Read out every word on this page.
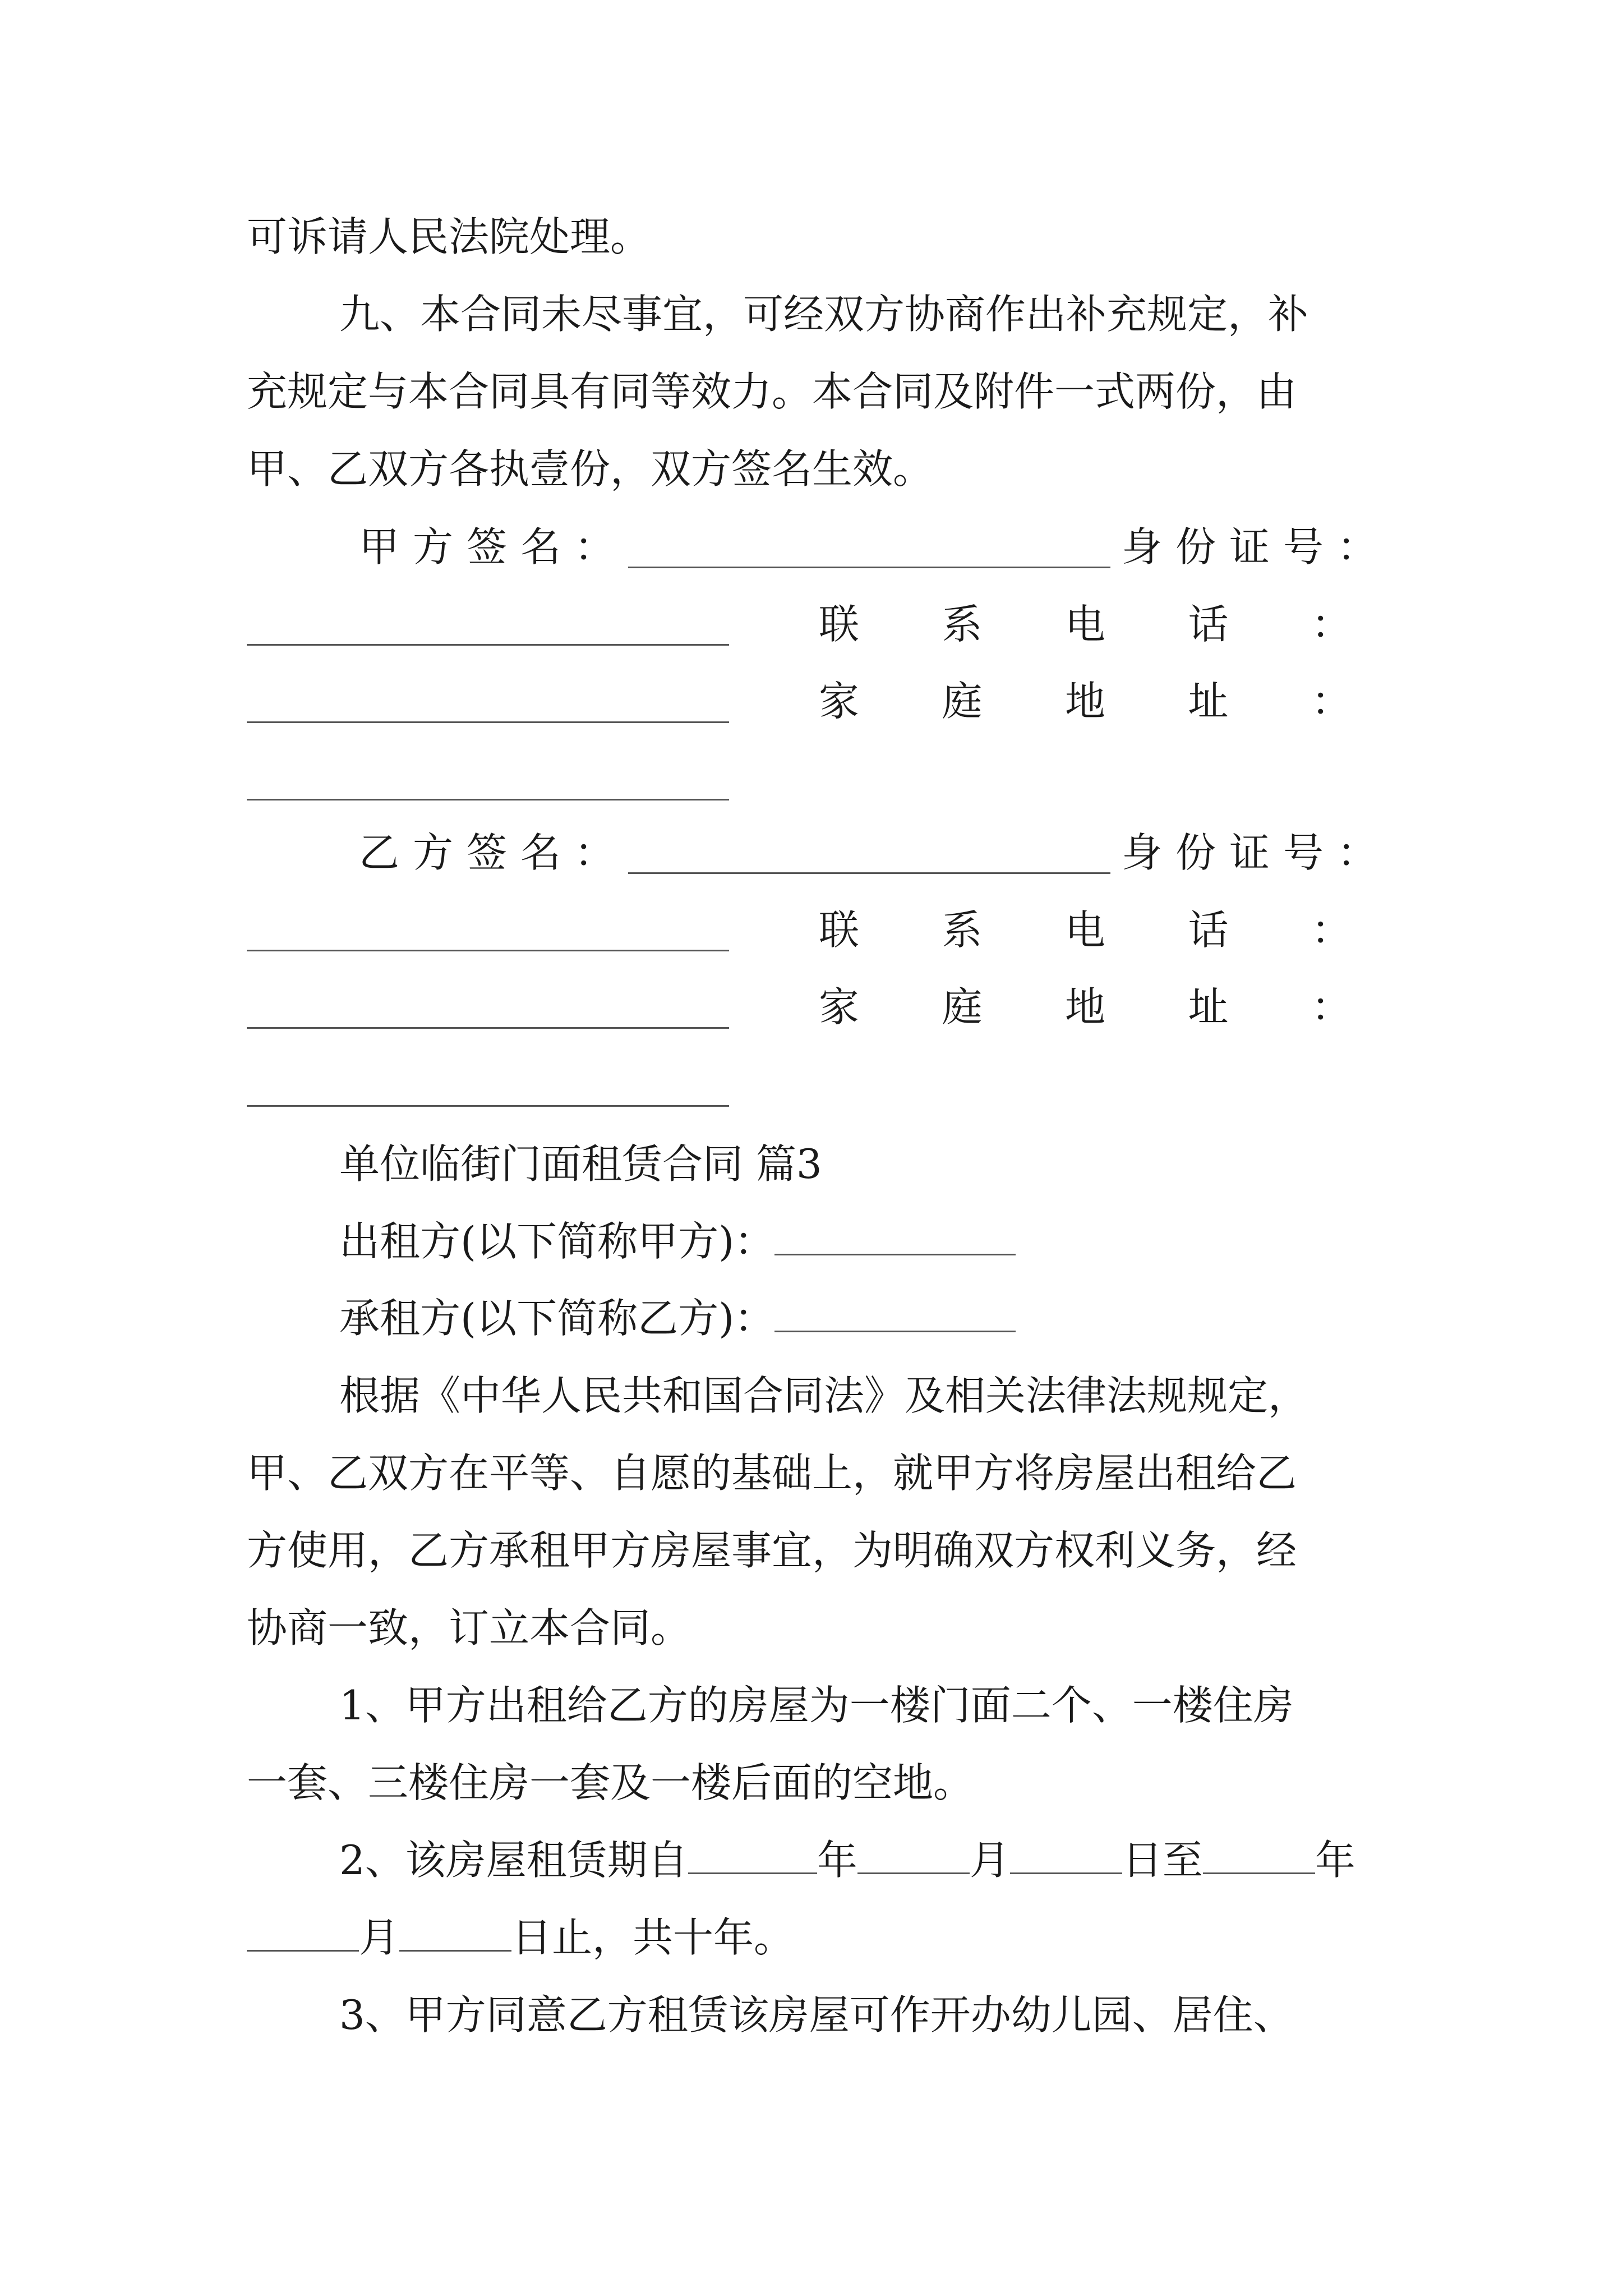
可诉请人民法院处理。
九、本合同未尽事宜，可经双方协商作出补充规定，补
充规定与本合同具有同等效力。本合同及附件一式两份，由
甲、乙双方各执壹份，双方签名生效。
甲方签名：	身份证号：
联 系 电 话 ：
家 庭 地 址 ：
乙方签名：	身份证号：
联 系 电 话 ：
家 庭 地 址 ：
单位临街门面租赁合同 篇3
出租方(以下简称甲方)：
承租方(以下简称乙方)：
根据《中华人民共和国合同法》及相关法律法规规定，
甲、乙双方在平等、自愿的基础上，就甲方将房屋出租给乙
方使用，乙方承租甲方房屋事宜，为明确双方权利义务，经
协商一致，订立本合同。
1、甲方出租给乙方的房屋为一楼门面二个、一楼住房
一套、三楼住房一套及一楼后面的空地。
2、该房屋租赁期自	年	月	日至	年
月	日止，共十年。
3、甲方同意乙方租赁该房屋可作开办幼儿园、居住、
